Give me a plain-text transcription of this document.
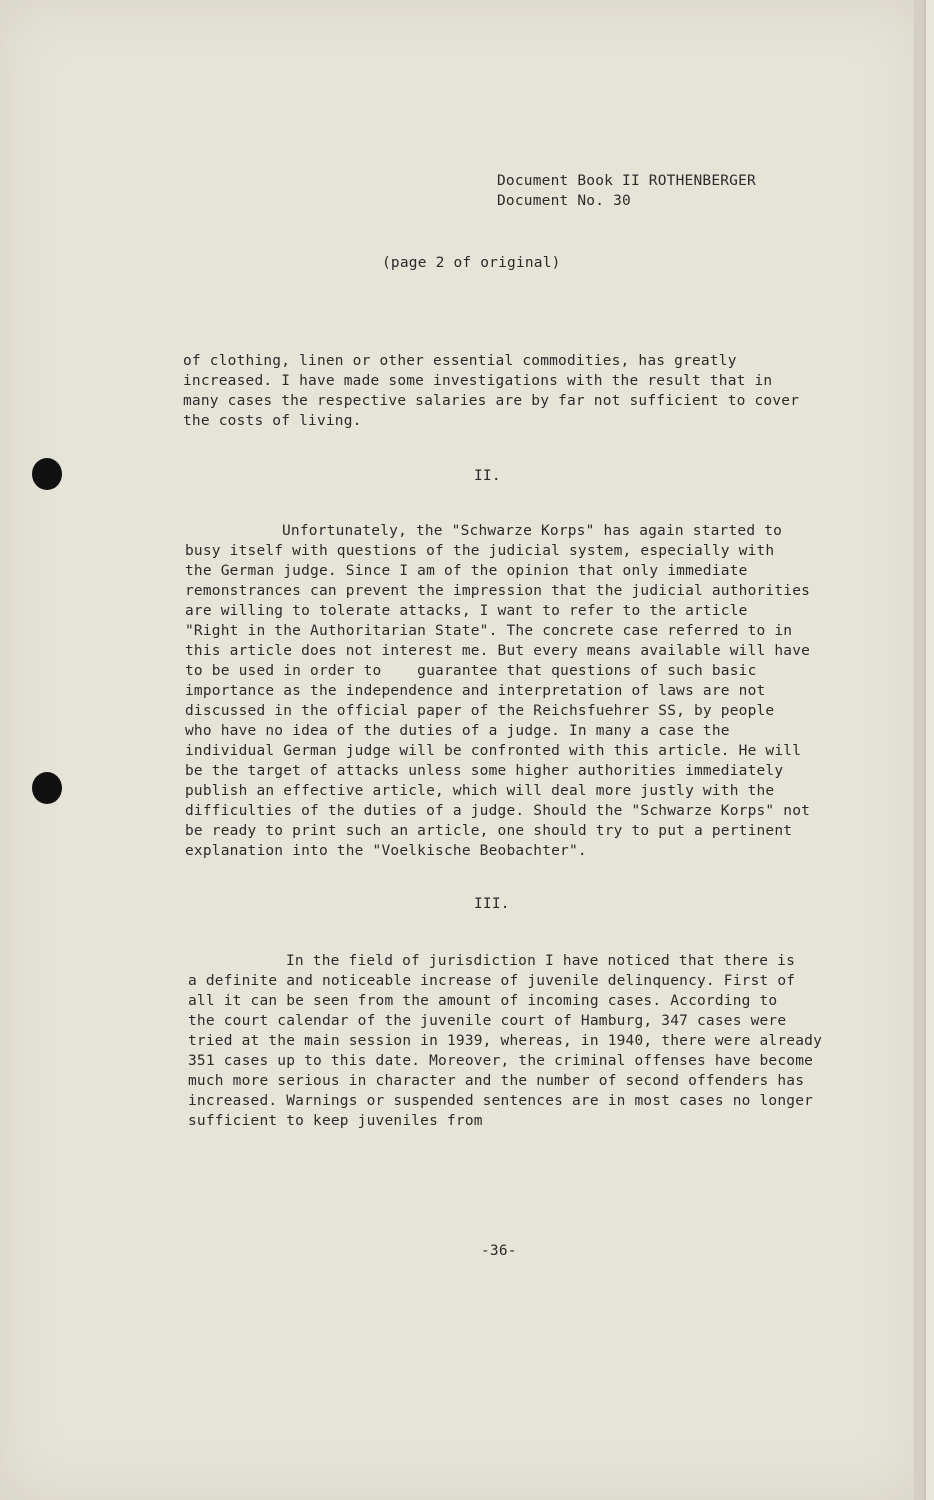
Document Book II ROTHENBERGER
Document No. 30
(page 2 of original)
of clothing, linen or other essential commodities, has greatly
increased. I have made some investigations with the result that in
many cases the respective salaries are by far not sufficient to cover
the costs of living.
II.
Unfortunately, the "Schwarze Korps" has again started to
busy itself with questions of the judicial system, especially with
the German judge. Since I am of the opinion that only immediate
remonstrances can prevent the impression that the judicial authorities
are willing to tolerate attacks, I want to refer to the article
"Right in the Authoritarian State". The concrete case referred to in
this article does not interest me. But every means available will have
to be used in order to    guarantee that questions of such basic
importance as the independence and interpretation of laws are not
discussed in the official paper of the Reichsfuehrer SS, by people
who have no idea of the duties of a judge. In many a case the
individual German judge will be confronted with this article. He will
be the target of attacks unless some higher authorities immediately
publish an effective article, which will deal more justly with the
difficulties of the duties of a judge. Should the "Schwarze Korps" not
be ready to print such an article, one should try to put a pertinent
explanation into the "Voelkische Beobachter".
III.
In the field of jurisdiction I have noticed that there is
a definite and noticeable increase of juvenile delinquency. First of
all it can be seen from the amount of incoming cases. According to
the court calendar of the juvenile court of Hamburg, 347 cases were
tried at the main session in 1939, whereas, in 1940, there were already
351 cases up to this date. Moreover, the criminal offenses have become
much more serious in character and the number of second offenders has
increased. Warnings or suspended sentences are in most cases no longer
sufficient to keep juveniles from
-36-
